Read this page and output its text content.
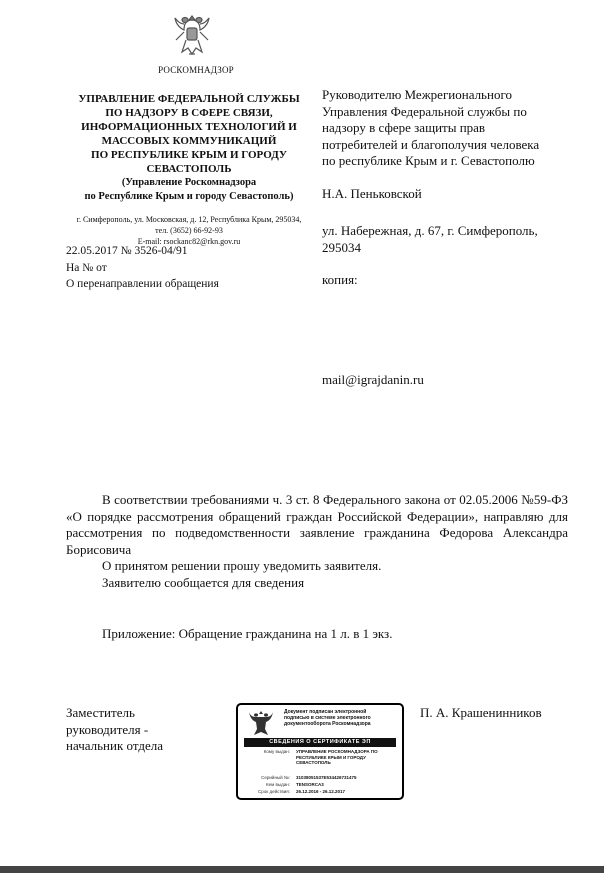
РОСКОМНАДЗОР
УПРАВЛЕНИЕ ФЕДЕРАЛЬНОЙ СЛУЖБЫ
ПО НАДЗОРУ В СФЕРЕ СВЯЗИ,
ИНФОРМАЦИОННЫХ ТЕХНОЛОГИЙ И
МАССОВЫХ КОММУНИКАЦИЙ
ПО РЕСПУБЛИКЕ КРЫМ И ГОРОДУ
СЕВАСТОПОЛЬ
(Управление Роскомнадзора
по Республике Крым и городу Севастополь)
г. Симферополь, ул. Московская, д. 12, Республика Крым, 295034,
тел. (3652) 66-92-93
E-mail: rsockanc82@rkn.gov.ru
22.05.2017 № 3526-04/91
На № от
О перенаправлении обращения
Руководителю Межрегионального
Управления Федеральной службы по
надзору в сфере защиты прав
потребителей и благополучия человека
по республике Крым и г. Севастополю
Н.А. Пеньковской
ул. Набережная, д. 67, г. Симферополь,
295034
копия:
mail@igrajdanin.ru

В соответствии требованиями ч. 3 ст. 8 Федерального закона от 02.05.2006 №59-ФЗ «О порядке рассмотрения обращений граждан Российской Федерации», направляю для рассмотрения по подведомственности заявление гражданина Федорова Александра Борисовича

О принятом решении прошу уведомить заявителя.

Заявителю сообщается для сведения

Приложение: Обращение гражданина на 1 л. в 1 экз.
Заместитель
руководителя -
начальник отдела
П. А. Крашенинников
Документ подписан электронной
подписью в системе электронного
документооборота Роскомнадзора
СВЕДЕНИЯ О СЕРТИФИКАТЕ ЭП
Кому выдан: УПРАВЛЕНИЕ РОСКОМНАДЗОРА ПО РЕСПУБЛИКЕ КРЫМ И ГОРОДУ СЕВАСТОПОЛЬ
Серийный №: 31038051537E534426731475
Кем выдан: TENSORCA3
Срок действия: 26.12.2016 - 26.12.2017
